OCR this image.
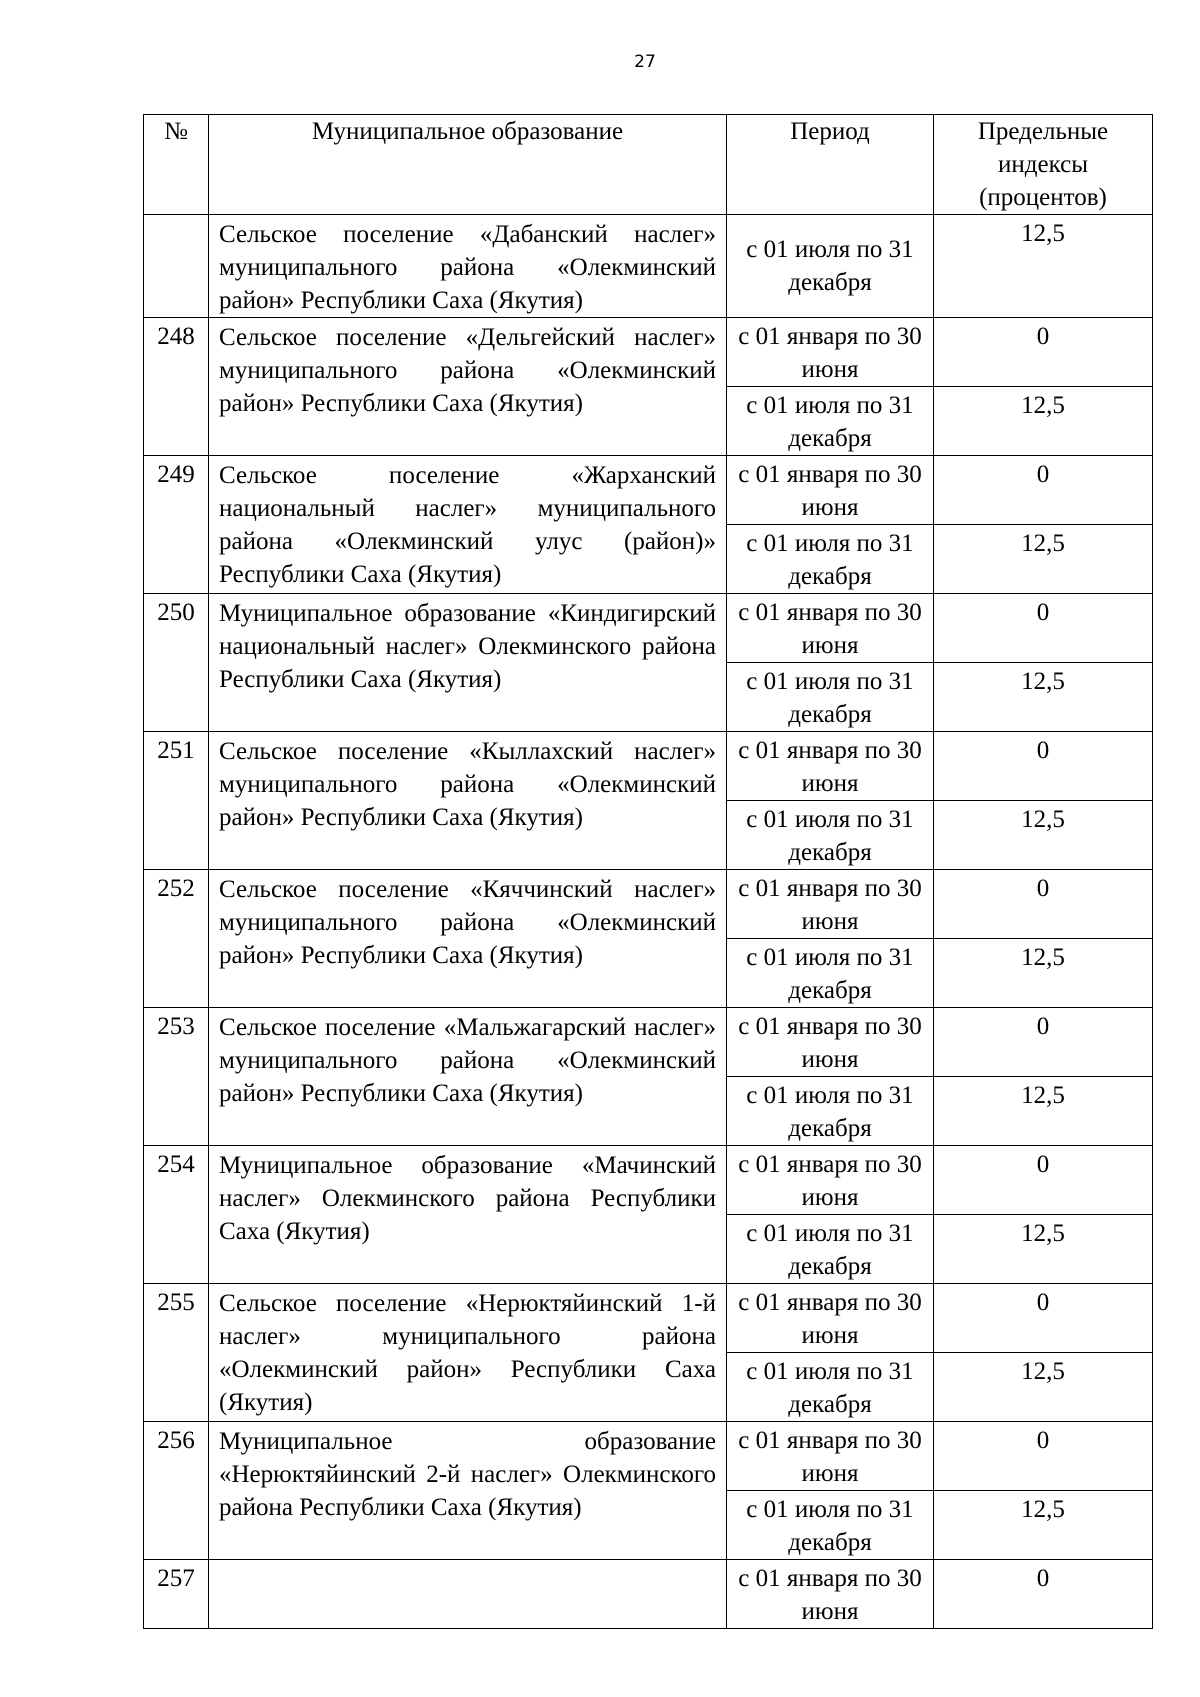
27
№	Муниципальное образование	Период	Предельные индексы (процентов)
	Сельское поселение «Дабанский наслег» муниципального района «Олекминский район» Республики Саха (Якутия)	с 01 июля по 31 декабря	12,5
248	Сельское поселение «Дельгейский наслег» муниципального района «Олекминский район» Республики Саха (Якутия)	с 01 января по 30 июня	0
		с 01 июля по 31 декабря	12,5
249	Сельское поселение «Жарханский национальный наслег» муниципального района «Олекминский улус (район)» Республики Саха (Якутия)	с 01 января по 30 июня	0
		с 01 июля по 31 декабря	12,5
250	Муниципальное образование «Киндигирский национальный наслег» Олекминского района Республики Саха (Якутия)	с 01 января по 30 июня	0
		с 01 июля по 31 декабря	12,5
251	Сельское поселение «Кыллахский наслег» муниципального района «Олекминский район» Республики Саха (Якутия)	с 01 января по 30 июня	0
		с 01 июля по 31 декабря	12,5
252	Сельское поселение «Кяччинский наслег» муниципального района «Олекминский район» Республики Саха (Якутия)	с 01 января по 30 июня	0
		с 01 июля по 31 декабря	12,5
253	Сельское поселение «Мальжагарский наслег» муниципального района «Олекминский район» Республики Саха (Якутия)	с 01 января по 30 июня	0
		с 01 июля по 31 декабря	12,5
254	Муниципальное образование «Мачинский наслег» Олекминского района Республики Саха (Якутия)	с 01 января по 30 июня	0
		с 01 июля по 31 декабря	12,5
255	Сельское поселение «Нерюктяйинский 1-й наслег» муниципального района «Олекминский район» Республики Саха (Якутия)	с 01 января по 30 июня	0
		с 01 июля по 31 декабря	12,5
256	Муниципальное образование «Нерюктяйинский 2-й наслег» Олекминского района Республики Саха (Якутия)	с 01 января по 30 июня	0
		с 01 июля по 31 декабря	12,5
257		с 01 января по 30 июня	0
